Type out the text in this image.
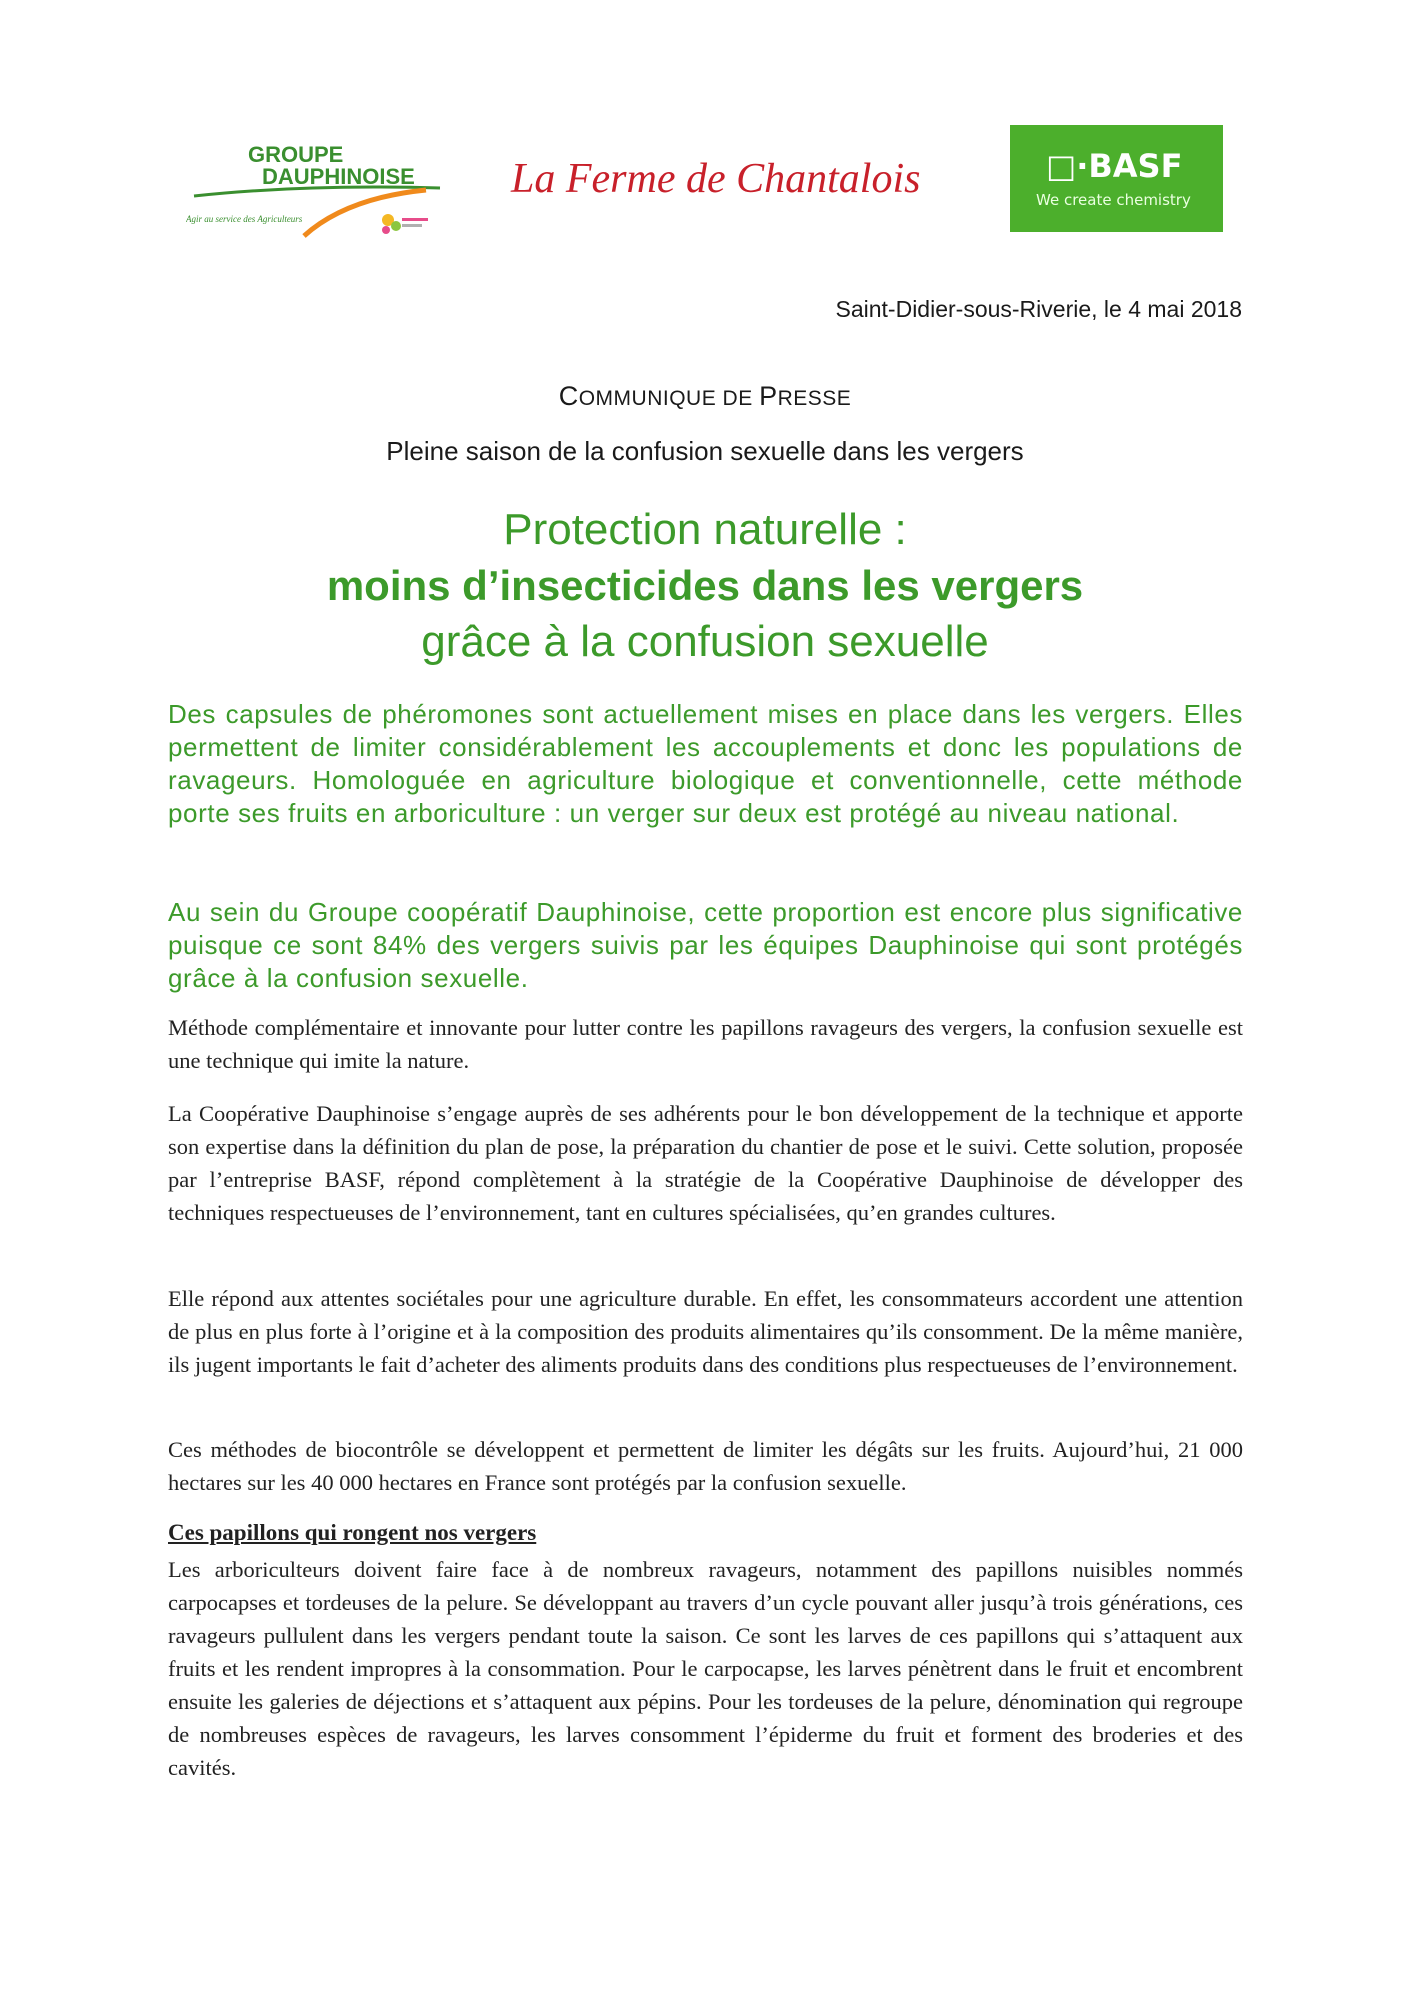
GROUPE
DAUPHINOISE
Agir au service des Agriculteurs
La Ferme de Chantalois	□·BASF
We create chemistry
Saint-Didier-sous-Riverie, le 4 mai 2018
COMMUNIQUE DE PRESSE
Pleine saison de la confusion sexuelle dans les vergers
Protection naturelle :
moins d’insecticides dans les vergers
grâce à la confusion sexuelle
Des capsules de phéromones sont actuellement mises en place dans les vergers. Elles permettent de limiter considérablement les accouplements et donc les populations de ravageurs. Homologuée en agriculture biologique et conventionnelle, cette méthode porte ses fruits en arboriculture : un verger sur deux est protégé au niveau national.
Au sein du Groupe coopératif Dauphinoise, cette proportion est encore plus significative puisque ce sont 84% des vergers suivis par les équipes Dauphinoise qui sont protégés grâce à la confusion sexuelle.
Méthode complémentaire et innovante pour lutter contre les papillons ravageurs des vergers, la confusion sexuelle est une technique qui imite la nature.
La Coopérative Dauphinoise s’engage auprès de ses adhérents pour le bon développement de la technique et apporte son expertise dans la définition du plan de pose, la préparation du chantier de pose et le suivi. Cette solution, proposée par l’entreprise BASF, répond complètement à la stratégie de la Coopérative Dauphinoise de développer des techniques respectueuses de l’environnement, tant en cultures spécialisées, qu’en grandes cultures.
Elle répond aux attentes sociétales pour une agriculture durable. En effet, les consommateurs accordent une attention de plus en plus forte à l’origine et à la composition des produits alimentaires qu’ils consomment. De la même manière, ils jugent importants le fait d’acheter des aliments produits dans des conditions plus respectueuses de l’environnement.
Ces méthodes de biocontrôle se développent et permettent de limiter les dégâts sur les fruits. Aujourd’hui, 21 000 hectares sur les 40 000 hectares en France sont protégés par la confusion sexuelle.
Ces papillons qui rongent nos vergers
Les arboriculteurs doivent faire face à de nombreux ravageurs, notamment des papillons nuisibles nommés carpocapses et tordeuses de la pelure. Se développant au travers d’un cycle pouvant aller jusqu’à trois générations, ces ravageurs pullulent dans les vergers pendant toute la saison. Ce sont les larves de ces papillons qui s’attaquent aux fruits et les rendent impropres à la consommation. Pour le carpocapse, les larves pénètrent dans le fruit et encombrent ensuite les galeries de déjections et s’attaquent aux pépins. Pour les tordeuses de la pelure, dénomination qui regroupe de nombreuses espèces de ravageurs, les larves consomment l’épiderme du fruit et forment des broderies et des cavités.
